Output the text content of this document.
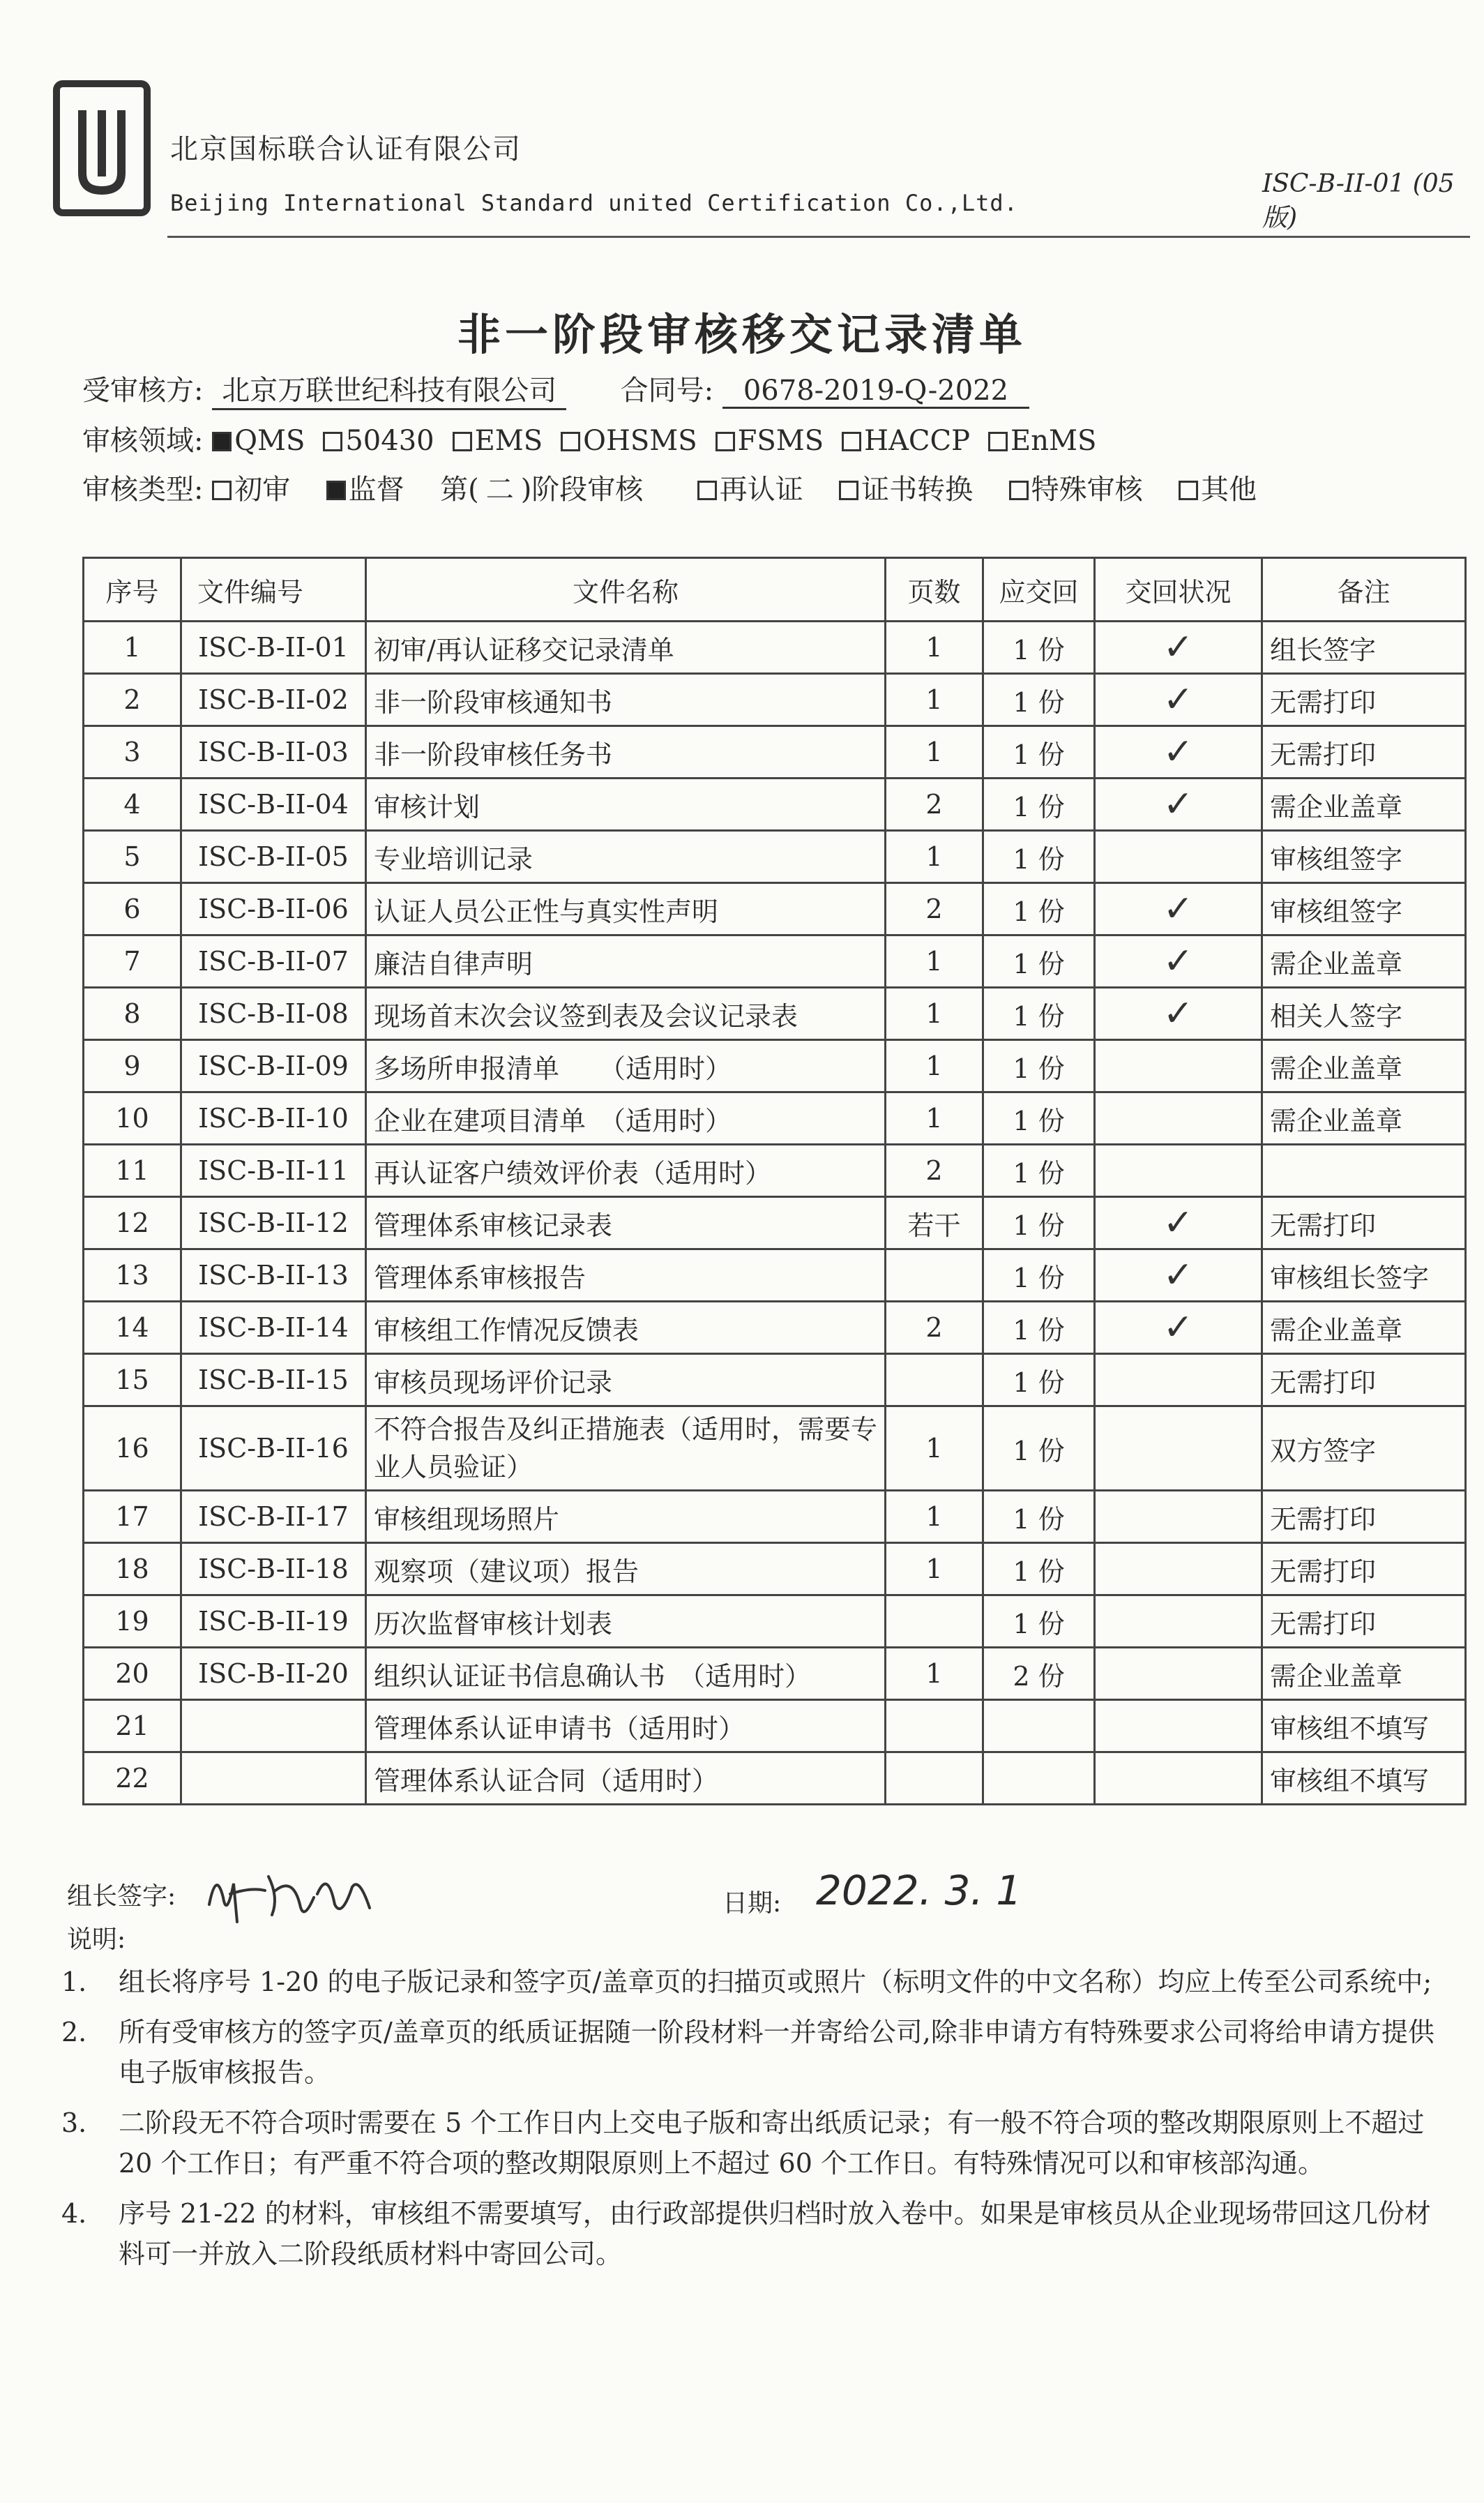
北京国标联合认证有限公司
Beijing International Standard united Certification Co.,Ltd.
ISC-B-II-01 (05版)
非一阶段审核移交记录清单
受审核方: 北京万联世纪科技有限公司 合同号: 0678-2019-Q-2022
审核领域: QMS 50430 EMS OHSMS FSMS HACCP EnMS
审核类型: 初审 监督 第( 二 )阶段审核	再认证 证书转换 特殊审核 其他
序号	文件编号	文件名称	页数	应交回	交回状况	备注
1	ISC-B-II-01	初审/再认证移交记录清单	1	1 份	✓	组长签字
2	ISC-B-II-02	非一阶段审核通知书	1	1 份	✓	无需打印
3	ISC-B-II-03	非一阶段审核任务书	1	1 份	✓	无需打印
4	ISC-B-II-04	审核计划	2	1 份	✓	需企业盖章
5	ISC-B-II-05	专业培训记录	1	1 份		审核组签字
6	ISC-B-II-06	认证人员公正性与真实性声明	2	1 份	✓	审核组签字
7	ISC-B-II-07	廉洁自律声明	1	1 份	✓	需企业盖章
8	ISC-B-II-08	现场首末次会议签到表及会议记录表	1	1 份	✓	相关人签字
9	ISC-B-II-09	多场所申报清单　　（适用时）	1	1 份		需企业盖章
10	ISC-B-II-10	企业在建项目清单　（适用时）	1	1 份		需企业盖章
11	ISC-B-II-11	再认证客户绩效评价表（适用时）	2	1 份		
12	ISC-B-II-12	管理体系审核记录表	若干	1 份	✓	无需打印
13	ISC-B-II-13	管理体系审核报告		1 份	✓	审核组长签字
14	ISC-B-II-14	审核组工作情况反馈表	2	1 份	✓	需企业盖章
15	ISC-B-II-15	审核员现场评价记录		1 份		无需打印
16	ISC-B-II-16	不符合报告及纠正措施表（适用时，需要专业人员验证）	1	1 份		双方签字
17	ISC-B-II-17	审核组现场照片	1	1 份		无需打印
18	ISC-B-II-18	观察项（建议项）报告	1	1 份		无需打印
19	ISC-B-II-19	历次监督审核计划表		1 份		无需打印
20	ISC-B-II-20	组织认证证书信息确认书　（适用时）	1	2 份		需企业盖章
21		管理体系认证申请书（适用时）				审核组不填写
22		管理体系认证合同（适用时）				审核组不填写
组长签字:
说明:
日期: 2022. 3. 1
1.	组长将序号 1-20 的电子版记录和签字页/盖章页的扫描页或照片（标明文件的中文名称）均应上传至公司系统中;
2.	所有受审核方的签字页/盖章页的纸质证据随一阶段材料一并寄给公司,除非申请方有特殊要求公司将给申请方提供电子版审核报告。
3.	二阶段无不符合项时需要在 5 个工作日内上交电子版和寄出纸质记录；有一般不符合项的整改期限原则上不超过 20 个工作日；有严重不符合项的整改期限原则上不超过 60 个工作日。有特殊情况可以和审核部沟通。
4.	序号 21-22 的材料，审核组不需要填写，由行政部提供归档时放入卷中。如果是审核员从企业现场带回这几份材料可一并放入二阶段纸质材料中寄回公司。
